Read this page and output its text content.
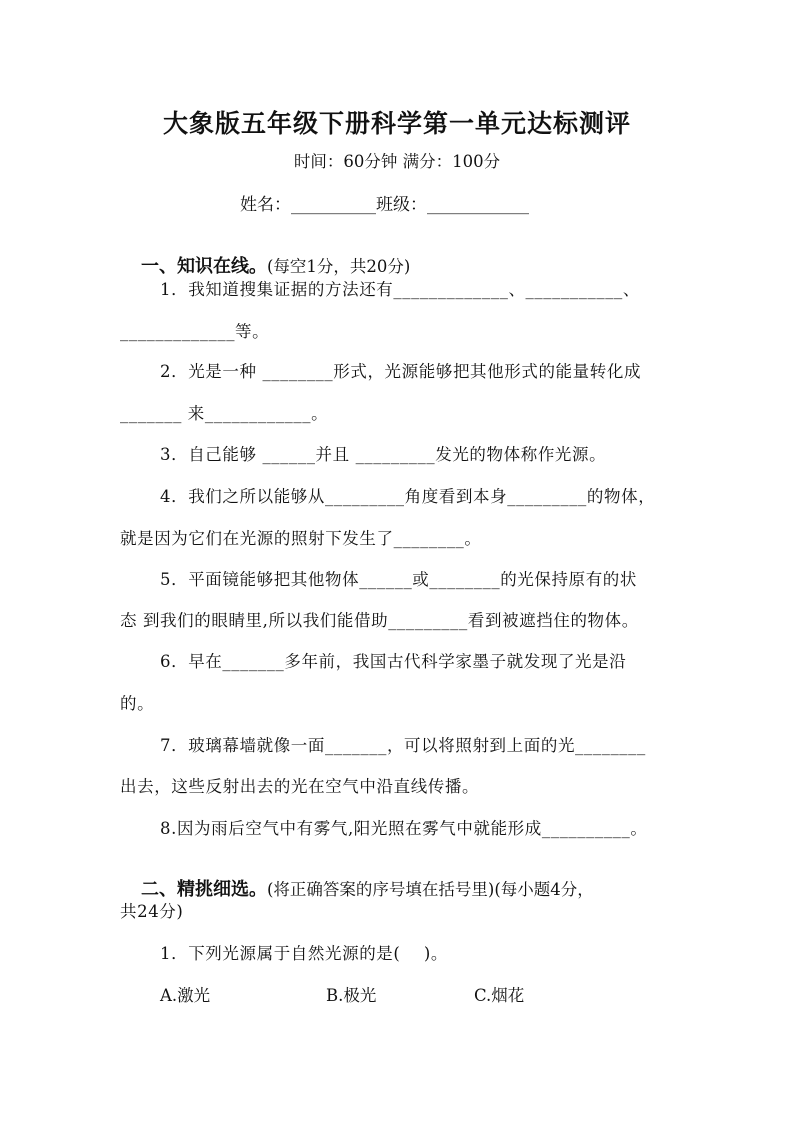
大象版五年级下册科学第一单元达标测评
时间：60分钟 满分：100分
姓名：__________班级：____________

一、知识在线。(每空1分，共20分)

1．我知道搜集证据的方法还有_____________、___________、
_____________等。
2．光是一种 ________形式，光源能够把其他形式的能量转化成
_______ 来____________。
3．自己能够 ______并且 _________发光的物体称作光源。
4．我们之所以能够从_________角度看到本身_________的物体，
就是因为它们在光源的照射下发生了________。
5．平面镜能够把其他物体______或________的光保持原有的状
态 到我们的眼睛里,所以我们能借助_________看到被遮挡住的物体。
6．早在_______多年前，我国古代科学家墨子就发现了光是沿
的。
7．玻璃幕墙就像一面_______，可以将照射到上面的光________
出去，这些反射出去的光在空气中沿直线传播。
8.因为雨后空气中有雾气,阳光照在雾气中就能形成__________。

二、精挑细选。(将正确答案的序号填在括号里)(每小题4分，

共24分)
1．下列光源属于自然光源的是(    )。
A.激光	B.极光	C.烟花
